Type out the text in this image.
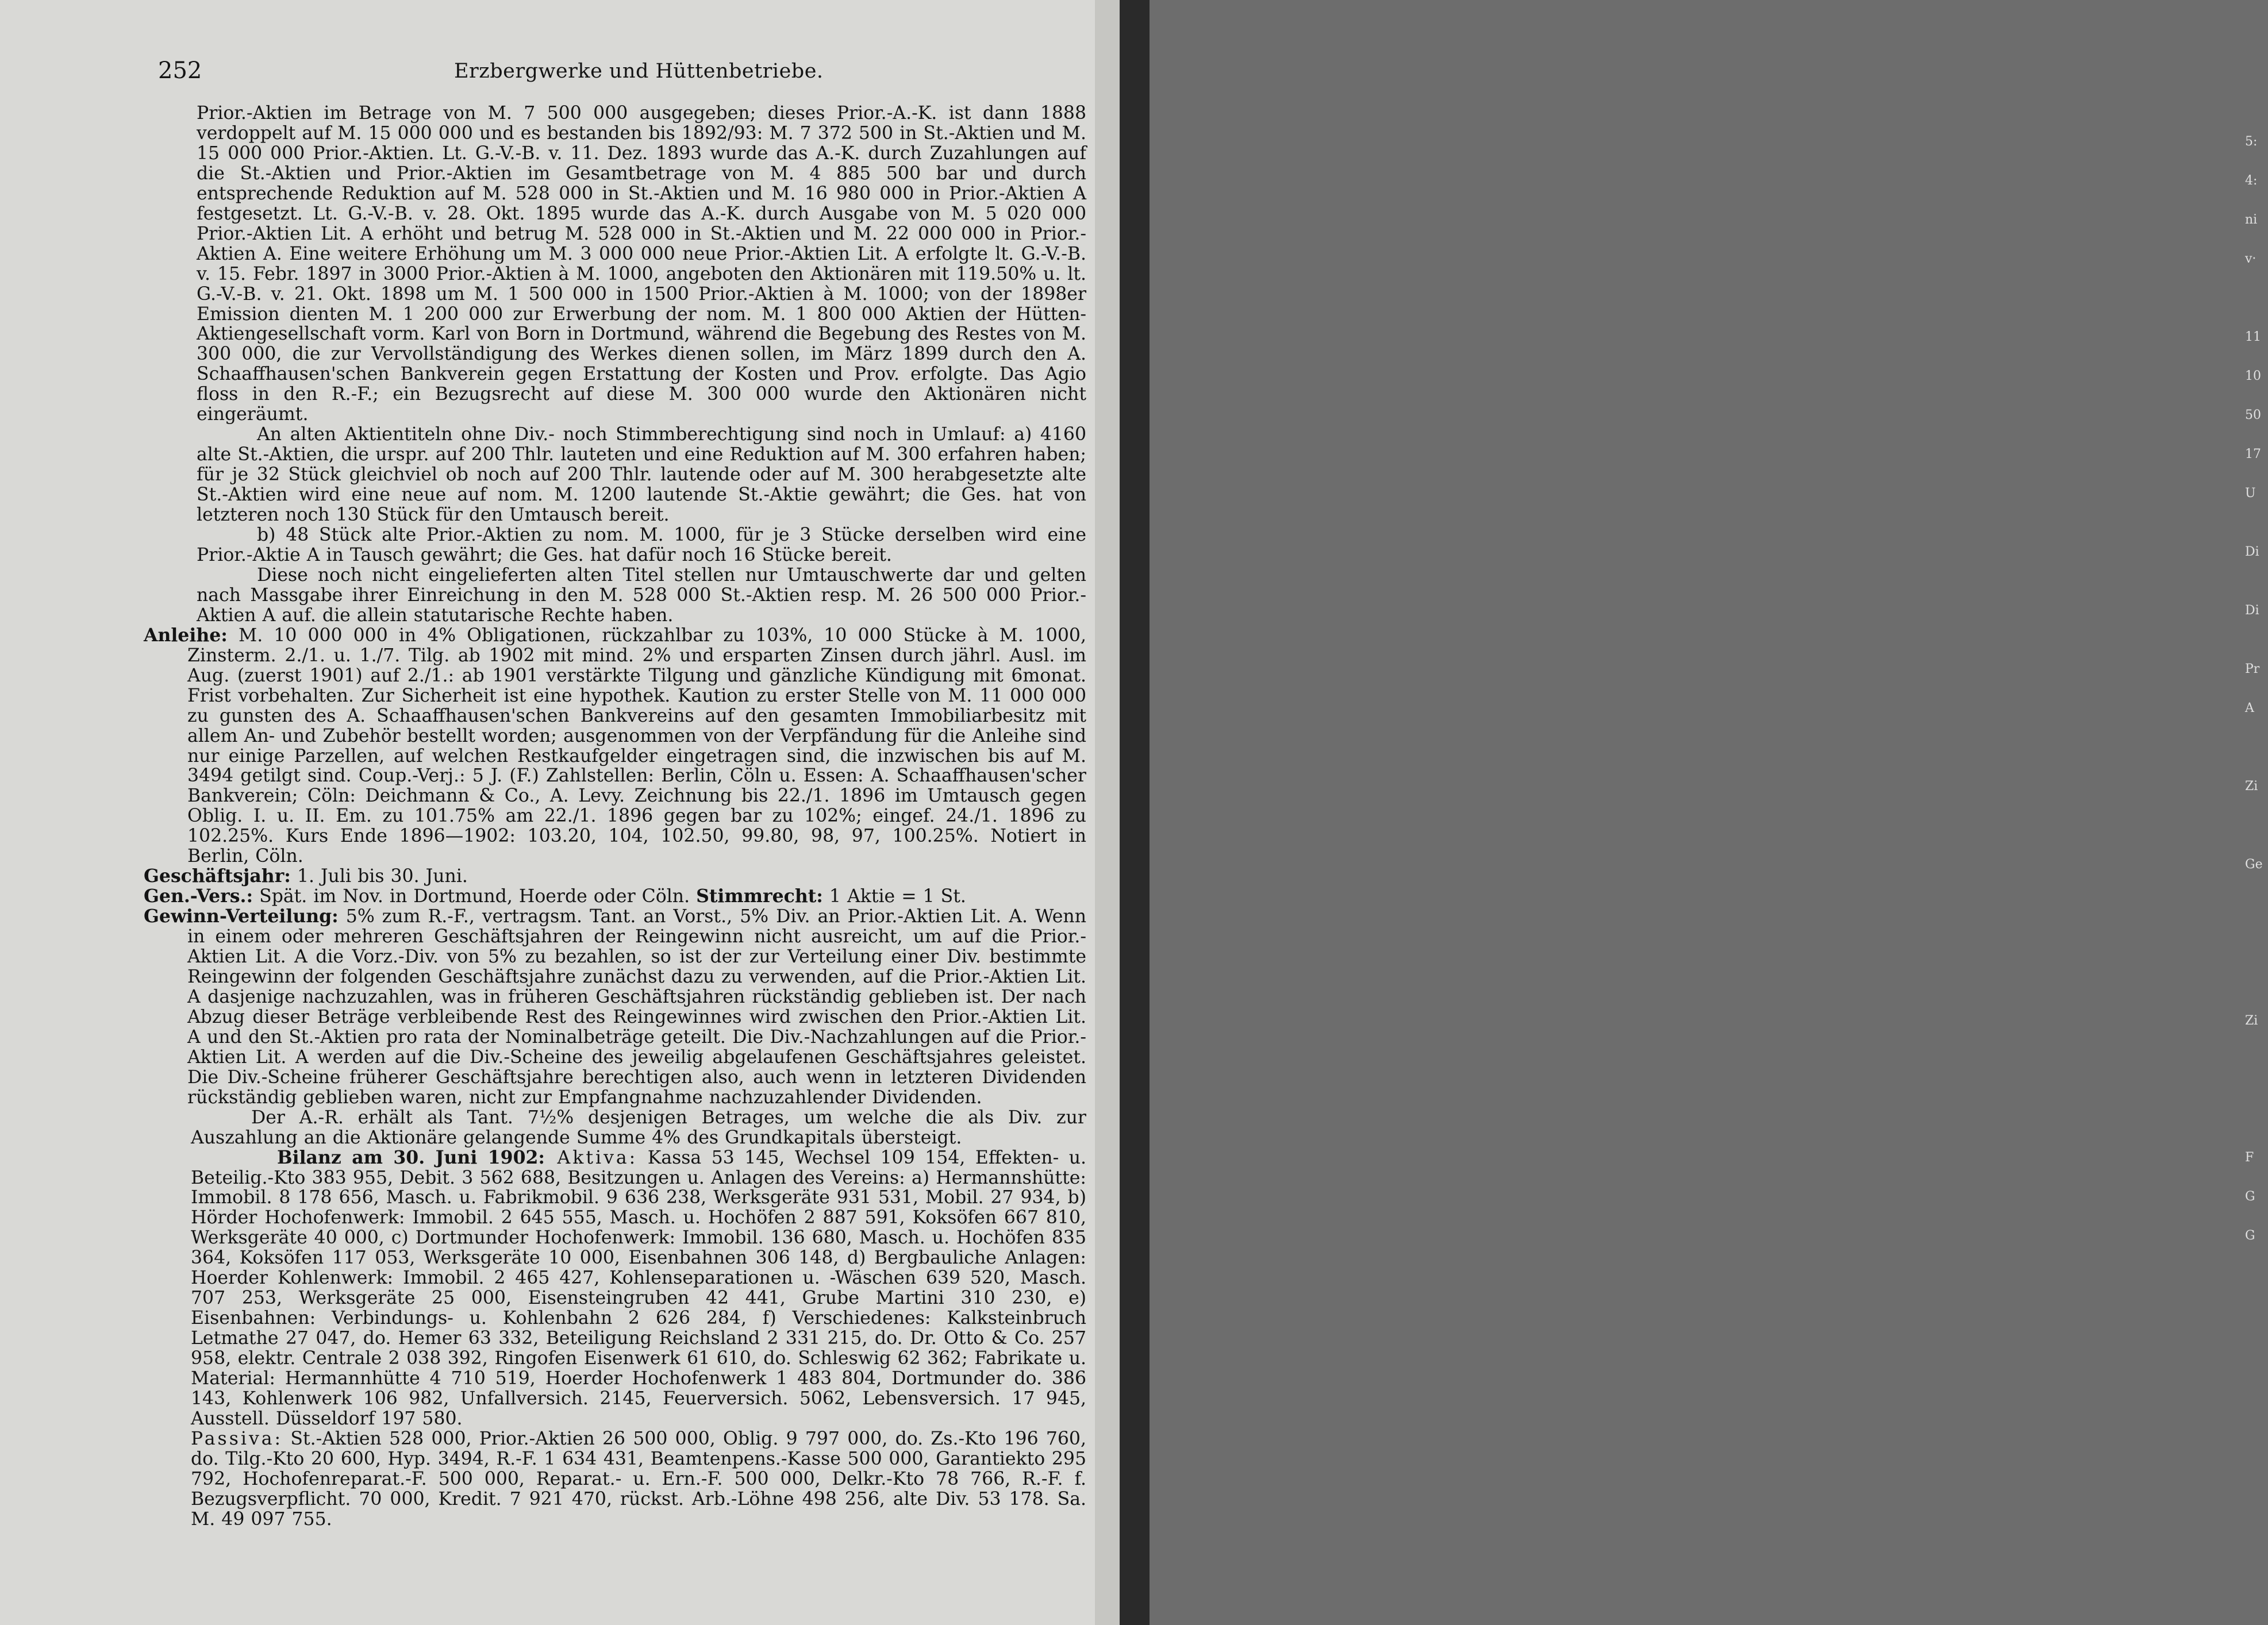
252	Erzbergwerke und Hüttenbetriebe.

Prior.-Aktien im Betrage von M. 7 500 000 ausgegeben; dieses Prior.-A.-K. ist dann 1888 verdoppelt auf M. 15 000 000 und es bestanden bis 1892/93: M. 7 372 500 in St.-Aktien und M. 15 000 000 Prior.-Aktien. Lt. G.-V.-B. v. 11. Dez. 1893 wurde das A.-K. durch Zuzahlungen auf die St.-Aktien und Prior.-Aktien im Gesamtbetrage von M. 4 885 500 bar und durch entsprechende Reduktion auf M. 528 000 in St.-Aktien und M. 16 980 000 in Prior.-Aktien A festgesetzt. Lt. G.-V.-B. v. 28. Okt. 1895 wurde das A.-K. durch Ausgabe von M. 5 020 000 Prior.-Aktien Lit. A erhöht und betrug M. 528 000 in St.-Aktien und M. 22 000 000 in Prior.-Aktien A. Eine weitere Erhöhung um M. 3 000 000 neue Prior.-Aktien Lit. A erfolgte lt. G.-V.-B. v. 15. Febr. 1897 in 3000 Prior.-Aktien à M. 1000, angeboten den Aktionären mit 119.50% u. lt. G.-V.-B. v. 21. Okt. 1898 um M. 1 500 000 in 1500 Prior.-Aktien à M. 1000; von der 1898er Emission dienten M. 1 200 000 zur Erwerbung der nom. M. 1 800 000 Aktien der Hütten-Aktiengesellschaft vorm. Karl von Born in Dortmund, während die Begebung des Restes von M. 300 000, die zur Vervollständigung des Werkes dienen sollen, im März 1899 durch den A. Schaaffhausen'schen Bankverein gegen Erstattung der Kosten und Prov. erfolgte. Das Agio floss in den R.-F.; ein Bezugsrecht auf diese M. 300 000 wurde den Aktionären nicht eingeräumt.

An alten Aktientiteln ohne Div.- noch Stimmberechtigung sind noch in Umlauf: a) 4160 alte St.-Aktien, die urspr. auf 200 Thlr. lauteten und eine Reduktion auf M. 300 erfahren haben; für je 32 Stück gleichviel ob noch auf 200 Thlr. lautende oder auf M. 300 herabgesetzte alte St.-Aktien wird eine neue auf nom. M. 1200 lautende St.-Aktie gewährt; die Ges. hat von letzteren noch 130 Stück für den Umtausch bereit.

b) 48 Stück alte Prior.-Aktien zu nom. M. 1000, für je 3 Stücke derselben wird eine Prior.-Aktie A in Tausch gewährt; die Ges. hat dafür noch 16 Stücke bereit.

Diese noch nicht eingelieferten alten Titel stellen nur Umtauschwerte dar und gelten nach Massgabe ihrer Einreichung in den M. 528 000 St.-Aktien resp. M. 26 500 000 Prior.-Aktien A auf. die allein statutarische Rechte haben.

Anleihe: M. 10 000 000 in 4% Obligationen, rückzahlbar zu 103%, 10 000 Stücke à M. 1000, Zinsterm. 2./1. u. 1./7. Tilg. ab 1902 mit mind. 2% und ersparten Zinsen durch jährl. Ausl. im Aug. (zuerst 1901) auf 2./1.: ab 1901 verstärkte Tilgung und gänzliche Kündigung mit 6monat. Frist vorbehalten. Zur Sicherheit ist eine hypothek. Kaution zu erster Stelle von M. 11 000 000 zu gunsten des A. Schaaffhausen'schen Bankvereins auf den gesamten Immobiliarbesitz mit allem An- und Zubehör bestellt worden; ausgenommen von der Verpfändung für die Anleihe sind nur einige Parzellen, auf welchen Restkaufgelder eingetragen sind, die inzwischen bis auf M. 3494 getilgt sind. Coup.-Verj.: 5 J. (F.) Zahlstellen: Berlin, Cöln u. Essen: A. Schaaffhausen'scher Bankverein; Cöln: Deichmann & Co., A. Levy. Zeichnung bis 22./1. 1896 im Umtausch gegen Oblig. I. u. II. Em. zu 101.75% am 22./1. 1896 gegen bar zu 102%; eingef. 24./1. 1896 zu 102.25%. Kurs Ende 1896—1902: 103.20, 104, 102.50, 99.80, 98, 97, 100.25%. Notiert in Berlin, Cöln.

Geschäftsjahr: 1. Juli bis 30. Juni.

Gen.-Vers.: Spät. im Nov. in Dortmund, Hoerde oder Cöln. Stimmrecht: 1 Aktie = 1 St.

Gewinn-Verteilung: 5% zum R.-F., vertragsm. Tant. an Vorst., 5% Div. an Prior.-Aktien Lit. A. Wenn in einem oder mehreren Geschäftsjahren der Reingewinn nicht ausreicht, um auf die Prior.-Aktien Lit. A die Vorz.-Div. von 5% zu bezahlen, so ist der zur Verteilung einer Div. bestimmte Reingewinn der folgenden Geschäftsjahre zunächst dazu zu verwenden, auf die Prior.-Aktien Lit. A dasjenige nachzuzahlen, was in früheren Geschäftsjahren rückständig geblieben ist. Der nach Abzug dieser Beträge verbleibende Rest des Reingewinnes wird zwischen den Prior.-Aktien Lit. A und den St.-Aktien pro rata der Nominalbeträge geteilt. Die Div.-Nachzahlungen auf die Prior.-Aktien Lit. A werden auf die Div.-Scheine des jeweilig abgelaufenen Geschäftsjahres geleistet. Die Div.-Scheine früherer Geschäftsjahre berechtigen also, auch wenn in letzteren Dividenden rückständig geblieben waren, nicht zur Empfangnahme nachzuzahlender Dividenden.

Der A.-R. erhält als Tant. 7½% desjenigen Betrages, um welche die als Div. zur Auszahlung an die Aktionäre gelangende Summe 4% des Grundkapitals übersteigt.

Bilanz am 30. Juni 1902: Aktiva: Kassa 53 145, Wechsel 109 154, Effekten- u. Beteilig.-Kto 383 955, Debit. 3 562 688, Besitzungen u. Anlagen des Vereins: a) Hermannshütte: Immobil. 8 178 656, Masch. u. Fabrikmobil. 9 636 238, Werksgeräte 931 531, Mobil. 27 934, b) Hörder Hochofenwerk: Immobil. 2 645 555, Masch. u. Hochöfen 2 887 591, Koksöfen 667 810, Werksgeräte 40 000, c) Dortmunder Hochofenwerk: Immobil. 136 680, Masch. u. Hochöfen 835 364, Koksöfen 117 053, Werksgeräte 10 000, Eisenbahnen 306 148, d) Bergbauliche Anlagen: Hoerder Kohlenwerk: Immobil. 2 465 427, Kohlenseparationen u. -Wäschen 639 520, Masch. 707 253, Werksgeräte 25 000, Eisensteingruben 42 441, Grube Martini 310 230, e) Eisenbahnen: Verbindungs- u. Kohlenbahn 2 626 284, f) Verschiedenes: Kalksteinbruch Letmathe 27 047, do. Hemer 63 332, Beteiligung Reichsland 2 331 215, do. Dr. Otto & Co. 257 958, elektr. Centrale 2 038 392, Ringofen Eisenwerk 61 610, do. Schleswig 62 362; Fabrikate u. Material: Hermannhütte 4 710 519, Hoerder Hochofenwerk 1 483 804, Dortmunder do. 386 143, Kohlenwerk 106 982, Unfallversich. 2145, Feuerversich. 5062, Lebensversich. 17 945, Ausstell. Düsseldorf 197 580.

Passiva: St.-Aktien 528 000, Prior.-Aktien 26 500 000, Oblig. 9 797 000, do. Zs.-Kto 196 760, do. Tilg.-Kto 20 600, Hyp. 3494, R.-F. 1 634 431, Beamtenpens.-Kasse 500 000, Garantiekto 295 792, Hochofenreparat.-F. 500 000, Reparat.- u. Ern.-F. 500 000, Delkr.-Kto 78 766, R.-F. f. Bezugsverpflicht. 70 000, Kredit. 7 921 470, rückst. Arb.-Löhne 498 256, alte Div. 53 178. Sa. M. 49 097 755.

5:
4:
ni
v·
11
10
50
17
U
Di
Di
Pr
A
Zi
Ge
Zi
F
G
G
